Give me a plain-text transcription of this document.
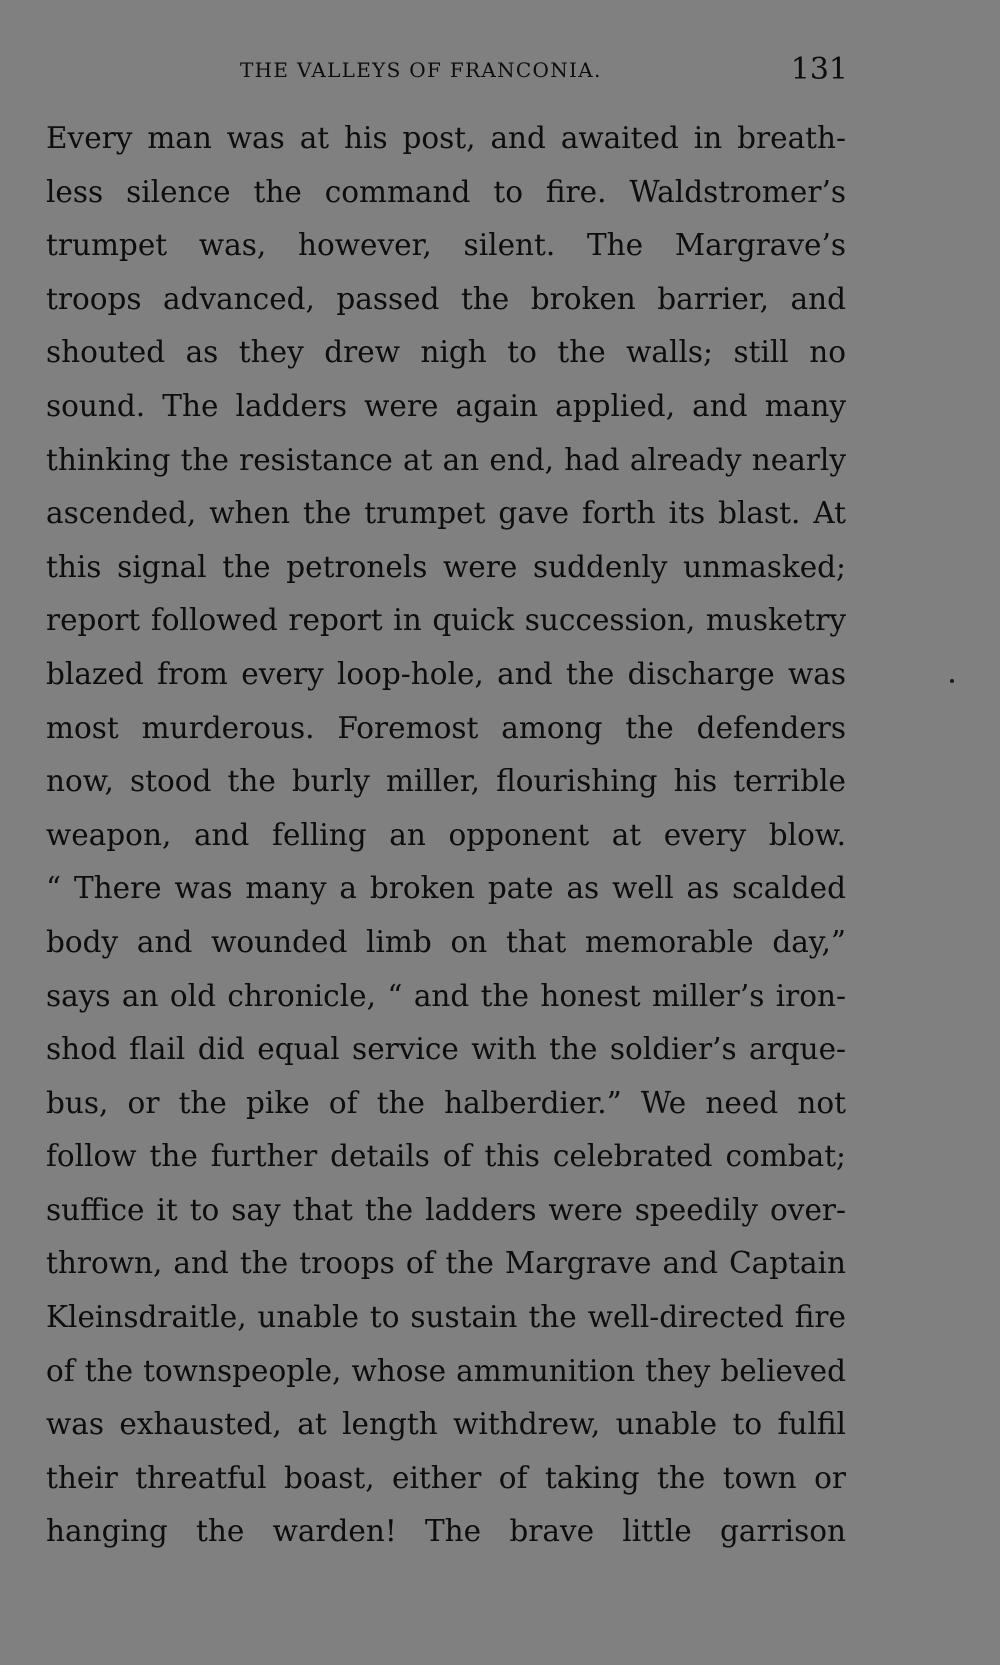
THE VALLEYS OF FRANCONIA.	131
Every man was at his post, and awaited in breath-
less silence the command to fire. Waldstromer’s
trumpet was, however, silent. The Margrave’s
troops advanced, passed the broken barrier, and
shouted as they drew nigh to the walls; still no
sound. The ladders were again applied, and many
thinking the resistance at an end, had already nearly
ascended, when the trumpet gave forth its blast. At
this signal the petronels were suddenly unmasked;
report followed report in quick succession, musketry
blazed from every loop-hole, and the discharge was
most murderous. Foremost among the defenders
now, stood the burly miller, flourishing his terrible
weapon, and felling an opponent at every blow.
“ There was many a broken pate as well as scalded
body and wounded limb on that memorable day,”
says an old chronicle, “ and the honest miller’s iron-
shod flail did equal service with the soldier’s arque-
bus, or the pike of the halberdier.” We need not
follow the further details of this celebrated combat;
suffice it to say that the ladders were speedily over-
thrown, and the troops of the Margrave and Captain
Kleinsdraitle, unable to sustain the well-directed fire
of the townspeople, whose ammunition they believed
was exhausted, at length withdrew, unable to fulfil
their threatful boast, either of taking the town or
hanging the warden! The brave little garrison
